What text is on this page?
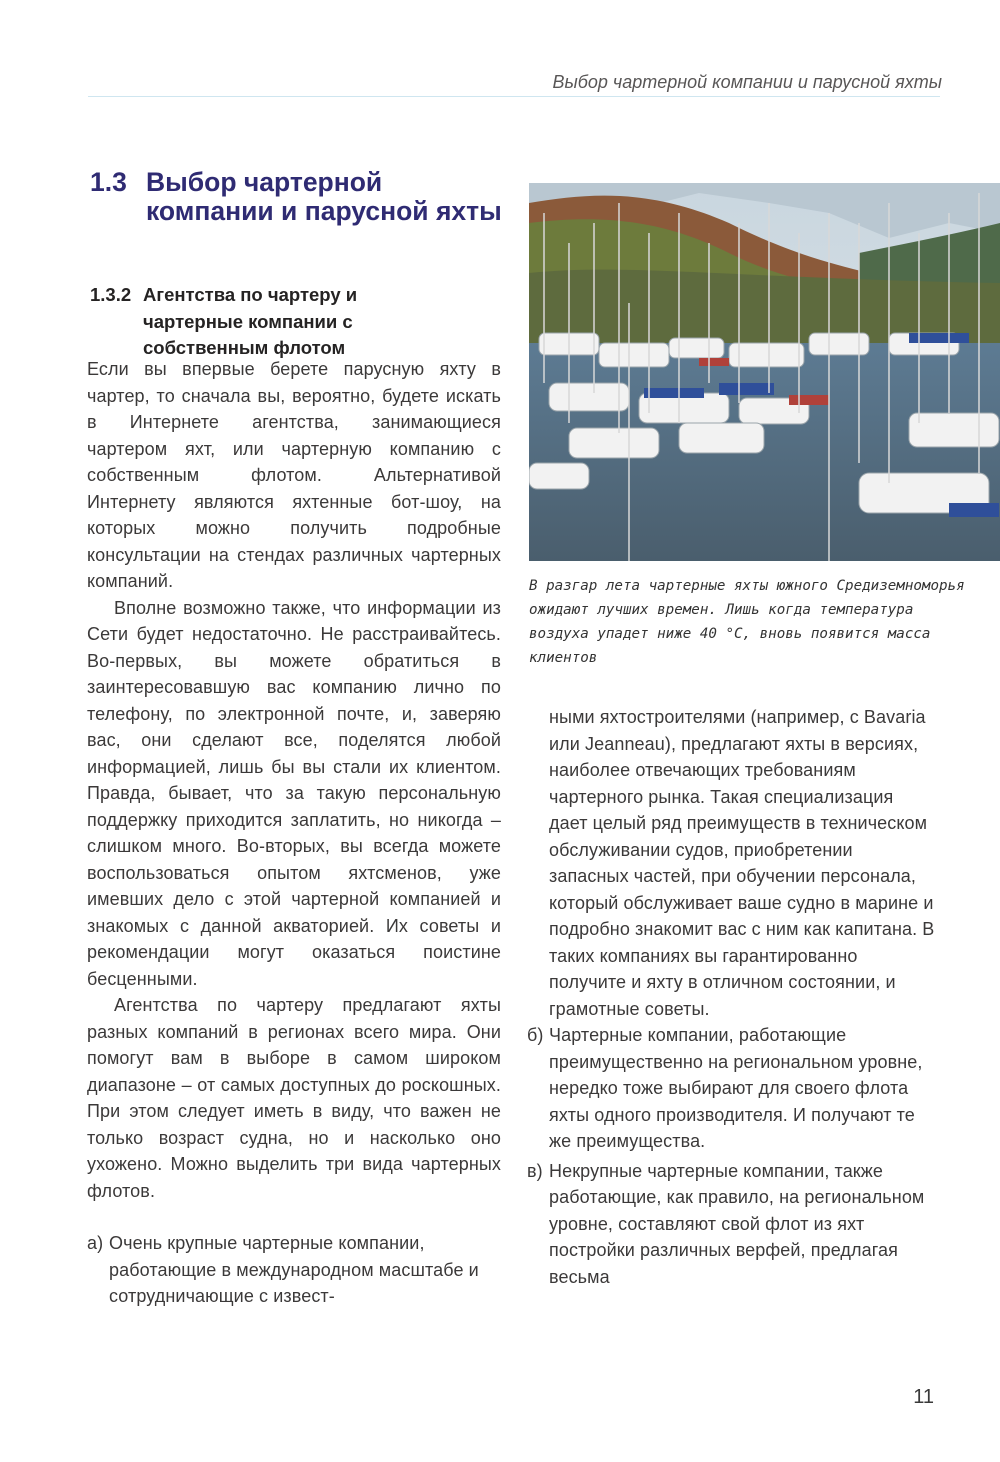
Выбор чартерной компании и парусной яхты
1.3 Выбор чартерной компании и парусной яхты
1.3.2 Агентства по чартеру и чартерные компании с собственным флотом

Если вы впервые берете парусную яхту в чартер, то сначала вы, вероятно, будете искать в Интернете агентства, занимающиеся чартером яхт, или чартерную компанию с собственным флотом. Альтернативой Интернету являются яхтенные бот-шоу, на которых можно получить подробные консультации на стендах различных чартерных компаний.

Вполне возможно также, что информации из Сети будет недостаточно. Не расстраивайтесь. Во-первых, вы можете обратиться в заинтересовавшую вас компанию лично по телефону, по электронной почте, и, заверяю вас, они сделают все, поделятся любой информацией, лишь бы вы стали их клиентом. Правда, бывает, что за такую персональную поддержку приходится заплатить, но никогда – слишком много. Во-вторых, вы всегда можете воспользоваться опытом яхтсменов, уже имевших дело с этой чартерной компанией и знакомых с данной акваторией. Их советы и рекомендации могут оказаться поистине бесценными.

Агентства по чартеру предлагают яхты разных компаний в регионах всего мира. Они помогут вам в выборе в самом широком диапазоне – от самых доступных до роскошных. При этом следует иметь в виду, что важен не только возраст судна, но и насколько оно ухожено. Можно выделить три вида чартерных флотов.

а) Очень крупные чартерные компании, работающие в международном масштабе и сотрудничающие с извест-

В разгар лета чартерные яхты южного Средиземноморья ожидают лучших времен. Лишь когда температура воздуха упадет ниже 40 °C, вновь появится масса клиентов

ными яхтостроителями (например, с Bavaria или Jeanneau), предлагают яхты в версиях, наиболее отвечающих требованиям чартерного рынка. Такая специализация дает целый ряд преимуществ в техническом обслуживании судов, приобретении запасных частей, при обучении персонала, который обслуживает ваше судно в марине и подробно знакомит вас с ним как капитана. В таких компаниях вы гарантированно получите и яхту в отличном состоянии, и грамотные советы.

б) Чартерные компании, работающие преимущественно на региональном уровне, нередко тоже выбирают для своего флота яхты одного производителя. И получают те же преимущества.

в) Некрупные чартерные компании, также работающие, как правило, на региональном уровне, составляют свой флот из яхт постройки различных верфей, предлагая весьма

11
